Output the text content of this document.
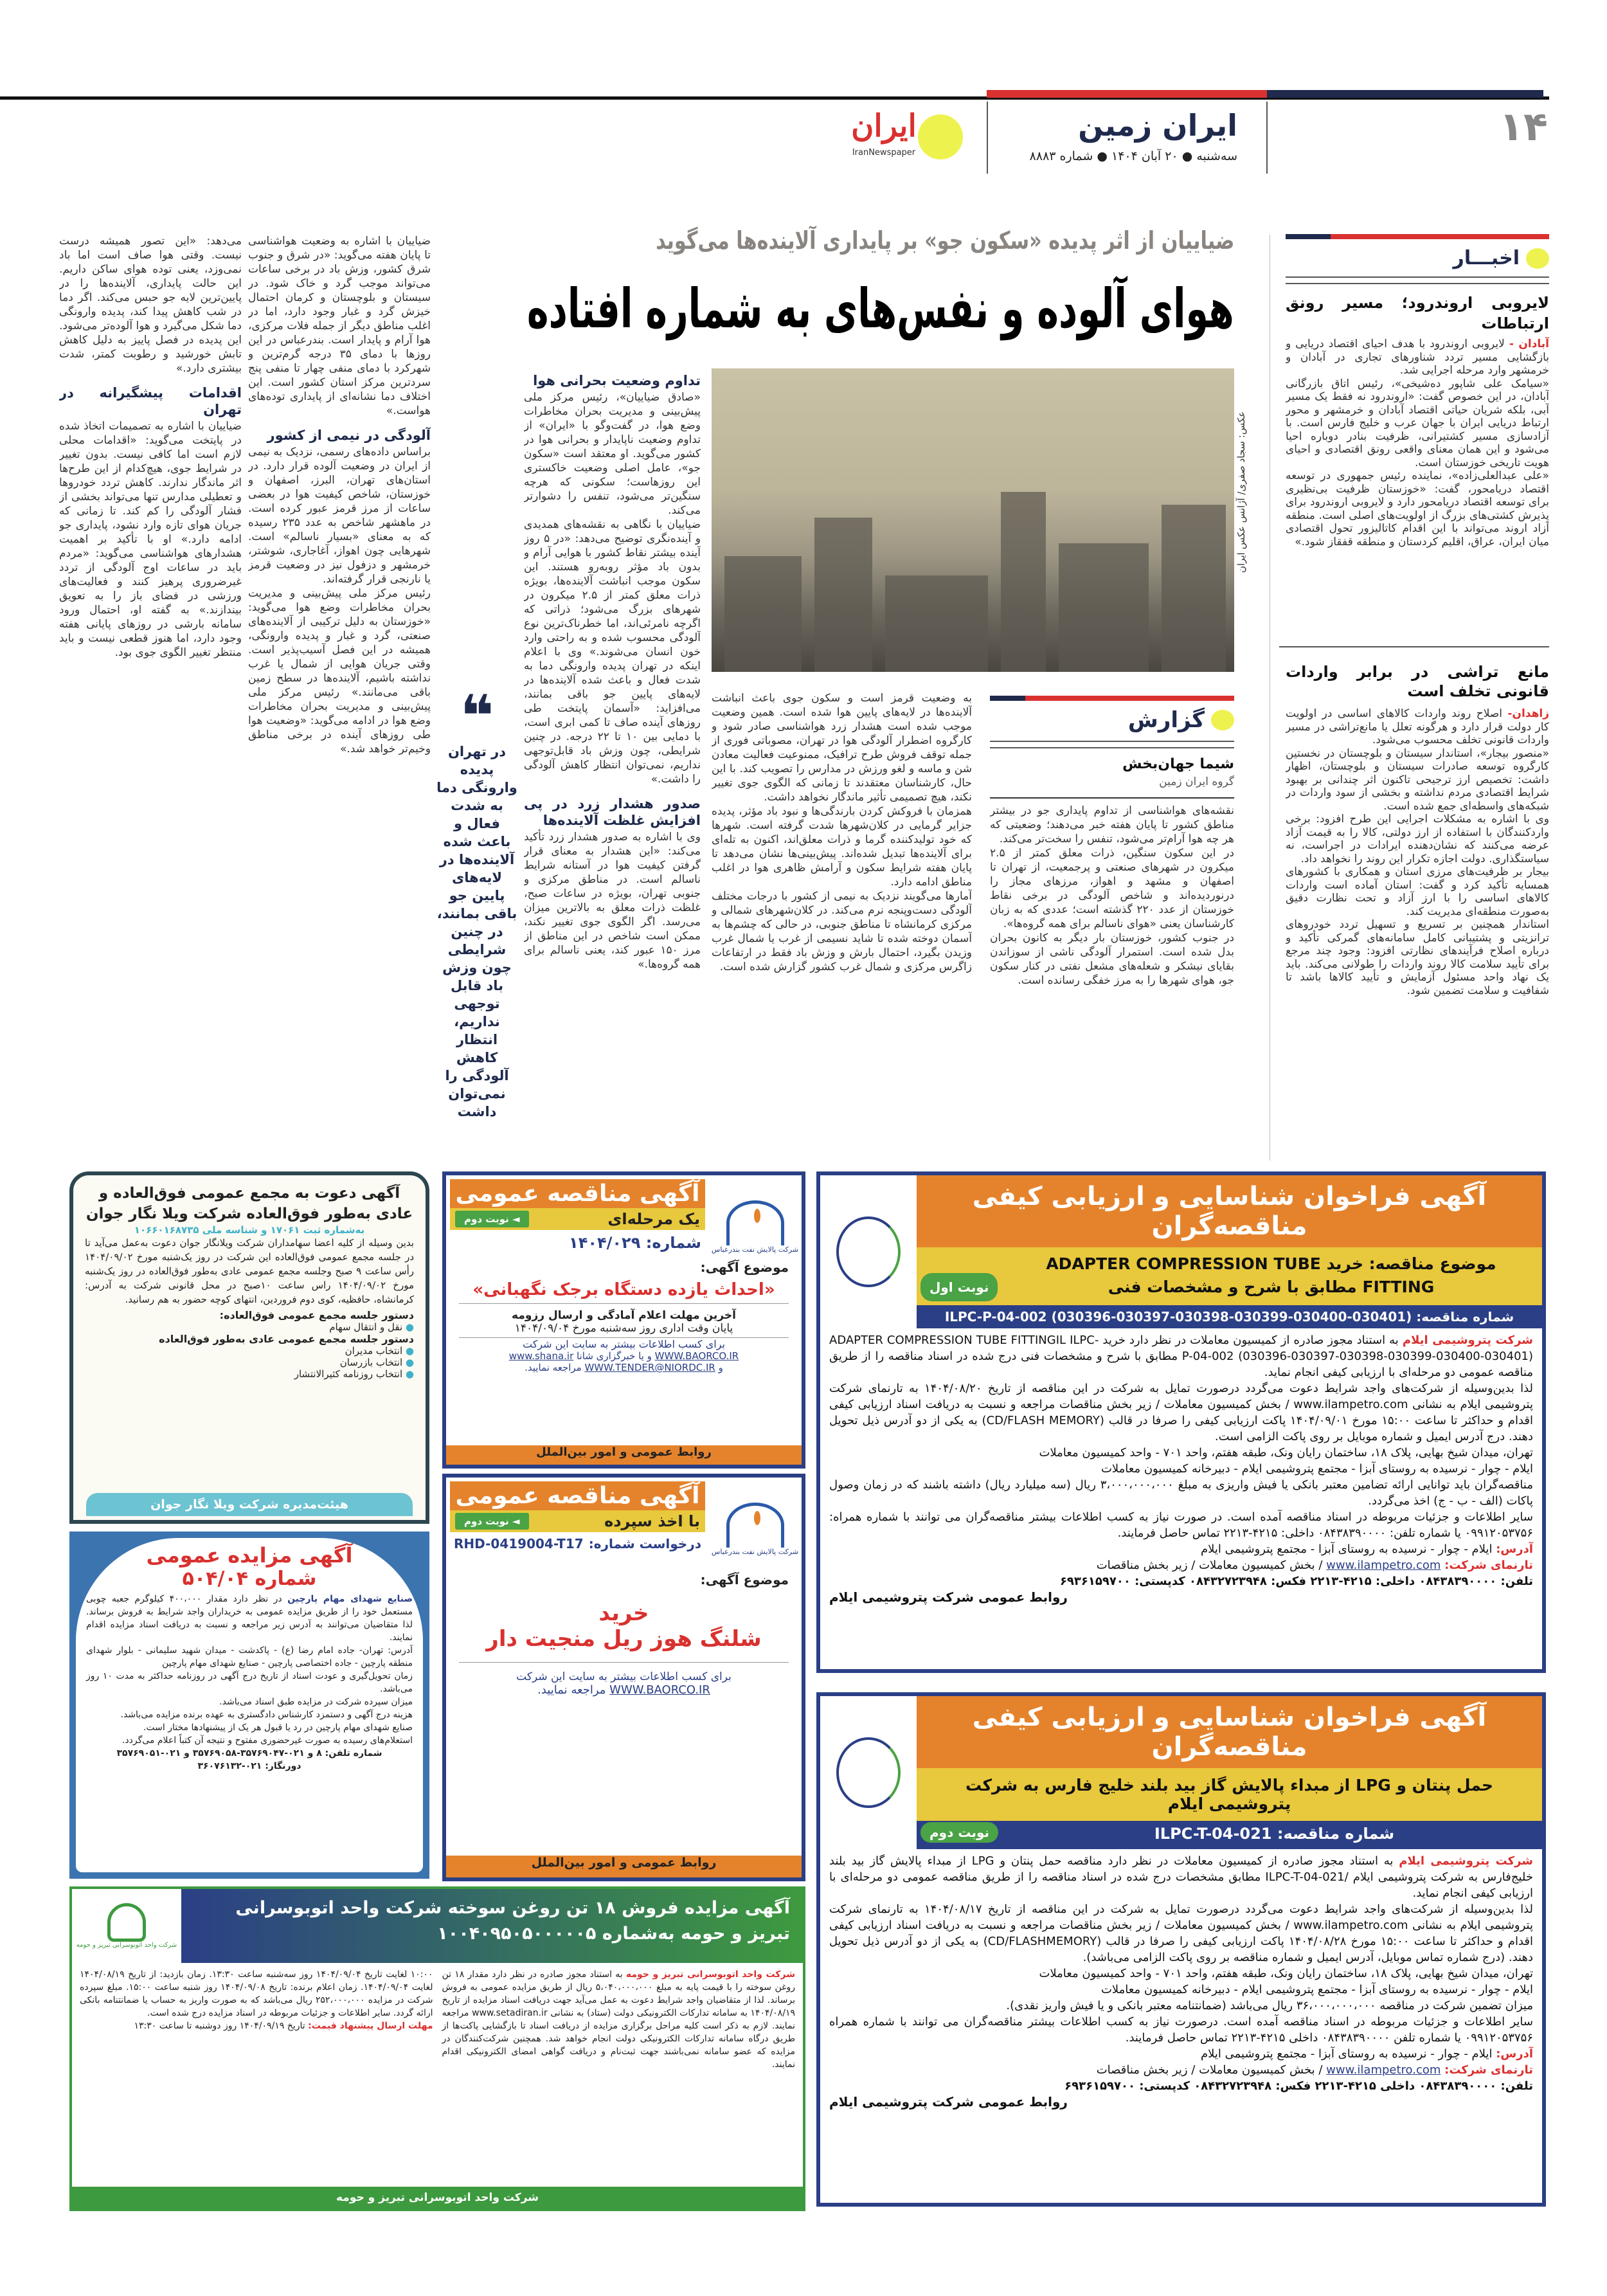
۱۴
ایران زمین
سه‌شنبه ● ۲۰ آبان ۱۴۰۴ ● شماره ۸۸۸۳
ایران
IranNewspaper
اخبـــار
لایروبی اروندرود؛ مسیر رونق ارتباطات

آبادان - لایروبی اروندرود با هدف احیای اقتصاد دریایی و بازگشایی مسیر تردد شناورهای تجاری در آبادان و خرمشهر وارد مرحله اجرایی شد.

«سیامک علی شاپور ده‌شیخی»، رئیس اتاق بازرگانی آبادان، در این خصوص گفت: «اروندرود نه فقط یک مسیر آبی، بلکه شریان حیاتی اقتصاد آبادان و خرمشهر و محور ارتباط دریایی ایران با جهان عرب و خلیج فارس است. با آزادسازی مسیر کشتیرانی، ظرفیت بنادر دوباره احیا می‌شود و این همان معنای واقعی رونق اقتصادی و احیای هویت تاریخی خوزستان است.

«علی عبدالعلی‌زاده»، نماینده رئیس جمهوری در توسعه اقتصاد دریامحور، گفت: «خوزستان ظرفیت بی‌نظیری برای توسعه اقتصاد دریامحور دارد و لایروبی اروندرود برای پذیرش کشتی‌های بزرگ از اولویت‌های اصلی است. منطقه آزاد اروند می‌تواند با این اقدام کاتالیزور تحول اقتصادی میان ایران، عراق، اقلیم کردستان و منطقه قفقاز شود.»

مانع تراشی در برابر واردات قانونی تخلف است

زاهدان- اصلاح روند واردات کالاهای اساسی در اولویت کار دولت قرار دارد و هرگونه تعلل یا مانع‌تراشی در مسیر واردات قانونی تخلف محسوب می‌شود.

«منصور بیجار»، استاندار سیستان و بلوچستان در نخستین کارگروه توسعه صادرات سیستان و بلوچستان، اظهار داشت: تخصیص ارز ترجیحی تاکنون اثر چندانی بر بهبود شرایط اقتصادی مردم نداشته و بخشی از سود واردات در شبکه‌های واسطه‌ای جمع شده است.

وی با اشاره به مشکلات اجرایی این طرح افزود: برخی واردکنندگان با استفاده از ارز دولتی، کالا را به قیمت آزاد عرضه می‌کنند که نشان‌دهنده ایرادات در اجراست، نه سیاستگذاری. دولت اجازه تکرار این روند را نخواهد داد.

بیجار بر ظرفیت‌های مرزی استان و همکاری با کشورهای همسایه تأکید کرد و گفت: استان آماده است واردات کالاهای اساسی را با ارز آزاد و تحت نظارت دقیق به‌صورت منطقه‌ای مدیریت کند.

استاندار همچنین بر تسریع و تسهیل تردد خودروهای ترانزیتی و پشتیبانی کامل سامانه‌های گمرکی تأکید و درباره اصلاح فرآیندهای نظارتی افزود: وجود چند مرجع برای تأیید سلامت کالا روند واردات را طولانی می‌کند. باید یک نهاد واحد مسئول آزمایش و تأیید کالاها باشد تا شفافیت و سلامت تضمین شود.

ضیاییان از اثر پدیده «سکون جو» بر پایداری آلاینده‌ها می‌گوید
هوای آلوده و نفس‌های به شماره افتاده
عکس: سجاد صفری/ آژانس عکس ایران
گزارش
شیما جهان‌بخش
گروه ایران زمین

نقشه‌های هواشناسی از تداوم پایداری جو در بیشتر مناطق کشور تا پایان هفته خبر می‌دهند؛ وضعیتی که هر چه هوا آرام‌تر می‌شود، تنفس را سخت‌تر می‌کند.

در این سکون سنگین، ذرات معلق کمتر از ۲.۵ میکرون در شهرهای صنعتی و پرجمعیت، از تهران تا اصفهان و مشهد و اهواز، مرزهای مجاز را درنوردیده‌اند و شاخص آلودگی در برخی نقاط خوزستان از عدد ۲۲۰ گذشته است؛ عددی که به زبان کارشناسان یعنی «هوای ناسالم برای همه گروه‌ها».

در جنوب کشور، خوزستان بار دیگر به کانون بحران بدل شده است. استمرار آلودگی ناشی از سوزاندن بقایای نیشکر و شعله‌های مشعل نفتی در کنار سکون جو، هوای شهرها را به مرز خفگی رسانده است.

به وضعیت قرمز است و سکون جوی باعث انباشت آلاینده‌ها در لایه‌های پایین هوا شده است. همین وضعیت موجب شده است هشدار زرد هواشناسی صادر شود و کارگروه اضطرار آلودگی هوا در تهران، مصوباتی فوری از جمله توقف فروش طرح ترافیک، ممنوعیت فعالیت معادن شن و ماسه و لغو ورزش در مدارس را تصویب کند. با این حال، کارشناسان معتقدند تا زمانی که الگوی جوی تغییر نکند، هیچ تصمیمی تأثیر ماندگار نخواهد داشت.

همزمان با فروکش کردن بارندگی‌ها و نبود باد مؤثر، پدیده جزایر گرمایی در کلان‌شهرها شدت گرفته است. شهرها که خود تولیدکننده گرما و ذرات معلق‌اند، اکنون به تله‌ای برای آلاینده‌ها تبدیل شده‌اند. پیش‌بینی‌ها نشان می‌دهد تا پایان هفته شرایط سکون و آرامش ظاهری هوا در اغلب مناطق ادامه دارد.

آمارها می‌گویند نزدیک به نیمی از کشور با درجات مختلف آلودگی دست‌وپنجه نرم می‌کند. در کلان‌شهرهای شمالی و مرکزی کرمانشاه تا مناطق جنوبی، در حالی که چشم‌ها به آسمان دوخته شده تا شاید نسیمی از غرب یا شمال غرب وزیدن بگیرد، احتمال بارش و وزش باد فقط در ارتفاعات زاگرس مرکزی و شمال غرب کشور گزارش شده است.

تداوم وضعیت بحرانی هوا

«صادق ضیاییان»، رئیس مرکز ملی پیش‌بینی و مدیریت بحران مخاطرات وضع هوا، در گفت‌وگو با «ایران» از تداوم وضعیت ناپایدار و بحرانی هوا در کشور می‌گوید. او معتقد است «سکون جو»، عامل اصلی وضعیت خاکستری این روزهاست؛ سکونی که هرچه سنگین‌تر می‌شود، تنفس را دشوارتر می‌کند.

ضیاییان با نگاهی به نقشه‌های همدیدی و آینده‌نگری توضیح می‌دهد: «در ۵ روز آینده بیشتر نقاط کشور با هوایی آرام و بدون باد مؤثر روبه‌رو هستند. این سکون موجب انباشت آلاینده‌ها، بویژه ذرات معلق کمتر از ۲.۵ میکرون در شهرهای بزرگ می‌شود؛ ذراتی که اگرچه نامرئی‌اند، اما خطرناک‌ترین نوع آلودگی محسوب شده و به راحتی وارد خون انسان می‌شوند.» وی با اعلام اینکه در تهران پدیده وارونگی دما به شدت فعال و باعث شده آلاینده‌ها در لایه‌های پایین جو باقی بمانند، می‌افزاید: «آسمان پایتخت طی روزهای آینده صاف تا کمی ابری است، با دمایی بین ۱۰ تا ۲۲ درجه. در چنین شرایطی، چون وزش باد قابل‌توجهی نداریم، نمی‌توان انتظار کاهش آلودگی را داشت.»

صدور هشدار زرد در پی افزایش غلظت آلاینده‌ها

وی با اشاره به صدور هشدار زرد تأکید می‌کند: «این هشدار به معنای قرار گرفتن کیفیت هوا در آستانه شرایط ناسالم است. در مناطق مرکزی و جنوبی تهران، بویژه در ساعات صبح، غلظت ذرات معلق به بالاترین میزان می‌رسد. اگر الگوی جوی تغییر نکند، ممکن است شاخص در این مناطق از مرز ۱۵۰ عبور کند، یعنی ناسالم برای همه گروه‌ها.»

❝
در تهران پدیده وارونگی دما به شدت فعال و باعث شده آلاینده‌ها در لایه‌های پایین جو باقی بمانند، در چنین شرایطی چون وزش باد قابل توجهی نداریم، انتظار کاهش آلودگی را نمی‌توان داشت

ضیاییان با اشاره به وضعیت هواشناسی تا پایان هفته می‌گوید: «در شرق و جنوب شرق کشور، وزش باد در برخی ساعات می‌تواند موجب گرد و خاک شود. در سیستان و بلوچستان و کرمان احتمال خیزش گرد و غبار وجود دارد، اما در اغلب مناطق دیگر از جمله فلات مرکزی، هوا آرام و پایدار است. بندرعباس در این روزها با دمای ۳۵ درجه گرم‌ترین و شهرکرد با دمای منفی چهار تا منفی پنج سردترین مرکز استان کشور است. این اختلاف دما نشانه‌ای از پایداری توده‌های هواست.»

آلودگی در نیمی از کشور

براساس داده‌های رسمی، نزدیک به نیمی از ایران در وضعیت آلوده قرار دارد. در استان‌های تهران، البرز، اصفهان و خوزستان، شاخص کیفیت هوا در بعضی ساعات از مرز قرمز عبور کرده است. در ماهشهر شاخص به عدد ۲۳۵ رسیده که به معنای «بسیار ناسالم» است. شهرهایی چون اهواز، آغاجاری، شوشتر، خرمشهر و دزفول نیز در وضعیت قرمز یا نارنجی قرار گرفته‌اند.

رئیس مرکز ملی پیش‌بینی و مدیریت بحران مخاطرات وضع هوا می‌گوید: «خوزستان به دلیل ترکیبی از آلاینده‌های صنعتی، گرد و غبار و پدیده وارونگی، همیشه در این فصل آسیب‌پذیر است. وقتی جریان هوایی از شمال یا غرب نداشته باشیم، آلاینده‌ها در سطح زمین باقی می‌مانند.» رئیس مرکز ملی پیش‌بینی و مدیریت بحران مخاطرات وضع هوا در ادامه می‌گوید: «وضعیت هوا طی روزهای آینده در برخی مناطق وخیم‌تر خواهد شد.»

می‌دهد: «این تصور همیشه درست نیست. وقتی هوا صاف است اما باد نمی‌وزد، یعنی توده هوای ساکن داریم. این حالت پایداری، آلاینده‌ها را در پایین‌ترین لایه جو حبس می‌کند. اگر دما در شب کاهش پیدا کند، پدیده وارونگی دما شکل می‌گیرد و هوا آلوده‌تر می‌شود. این پدیده در فصل پاییز به دلیل کاهش تابش خورشید و رطوبت کمتر، شدت بیشتری دارد.»

اقدامات پیشگیرانه در تهران

ضیاییان با اشاره به تصمیمات اتخاذ شده در پایتخت می‌گوید: «اقدامات محلی لازم است اما کافی نیست. بدون تغییر در شرایط جوی، هیچ‌کدام از این طرح‌ها اثر ماندگار ندارند. کاهش تردد خودروها و تعطیلی مدارس تنها می‌تواند بخشی از فشار آلودگی را کم کند. تا زمانی که جریان هوای تازه وارد نشود، پایداری جو ادامه دارد.» او با تأکید بر اهمیت هشدارهای هواشناسی می‌گوید: «مردم باید در ساعات اوج آلودگی از تردد غیرضروری پرهیز کنند و فعالیت‌های ورزشی در فضای باز را به تعویق بیندازند.» به گفته او، احتمال ورود سامانه بارشی در روزهای پایانی هفته وجود دارد، اما هنوز قطعی نیست و باید منتظر تغییر الگوی جوی بود.

آگهی فراخوان شناسایی و ارزیابی کیفی مناقصه‌گران
موضوع مناقصه: خرید ADAPTER COMPRESSION TUBE FITTING مطابق با شرح و مشخصات فنی
نوبت اول
شماره مناقصه: ILPC-P-04-002 (030396-030397-030398-030399-030400-030401)

شرکت پتروشیمی ایلام به استناد مجوز صادره از کمیسیون معاملات در نظر دارد خرید ADAPTER COMPRESSION TUBE FITTINGIL ILPC-P-04-002 (030396-030397-030398-030399-030400-030401) مطابق با شرح و مشخصات فنی درج شده در اسناد مناقصه را از طریق مناقصه عمومی دو مرحله‌ای با ارزیابی کیفی انجام نماید.

لذا بدین‌وسیله از شرکت‌های واجد شرایط دعوت می‌گردد درصورت تمایل به شرکت در این مناقصه از تاریخ ۱۴۰۴/۰۸/۲۰ به تارنمای شرکت پتروشیمی ایلام به نشانی www.ilampetro.com / بخش کمیسیون معاملات / زیر بخش مناقصات مراجعه و نسبت به دریافت اسناد ارزیابی کیفی اقدام و حداکثر تا ساعت ۱۵:۰۰ مورخ ۱۴۰۴/۰۹/۰۱ پاکت ارزیابی کیفی را صرفا در قالب (CD/FLASH MEMORY) به یکی از دو آدرس ذیل تحویل دهند. درج آدرس ایمیل و شماره موبایل بر روی پاکت الزامی است.

تهران، میدان شیخ بهایی، پلاک ۱۸، ساختمان رایان ونک، طبقه هفتم، واحد ۷۰۱ - واحد کمیسیون معاملات

ایلام - چوار - نرسیده به روستای آبزا - مجتمع پتروشیمی ایلام - دبیرخانه کمیسیون معاملات

مناقصه‌گران باید توانایی ارائه تضامین معتبر بانکی یا فیش واریزی به مبلغ ۳،۰۰۰،۰۰۰،۰۰۰ ریال (سه میلیارد ریال) داشته باشند که در زمان وصول پاکات (الف - ب - ج) اخذ می‌گردد.

سایر اطلاعات و جزئیات مربوطه در اسناد مناقصه آمده است. در صورت نیاز به کسب اطلاعات بیشتر مناقصه‌گران می توانند با شماره همراه: ۰۹۹۱۲۰۵۳۷۵۶ یا شماره تلفن: ۰۸۴۳۸۳۹۰۰۰۰ داخلی: ۴۲۱۵-۲۲۱۳ تماس حاصل فرمایند.

آدرس: ایلام - چوار - نرسیده به روستای آبزا - مجتمع پتروشیمی ایلام

تارنمای شرکت: www.ilampetro.com / بخش کمیسیون معاملات / زیر بخش مناقصات

تلفن: ۰۸۴۳۸۳۹۰۰۰۰ داخلی: ۴۲۱۵-۲۲۱۳ فکس: ۰۸۴۳۲۷۲۳۹۴۸ کدپستی: ۶۹۳۶۱۵۹۷۰۰

روابط عمومی شرکت پتروشیمی ایلام

آگهی فراخوان شناسایی و ارزیابی کیفی مناقصه‌گران
حمل پنتان و LPG از مبداء پالایش گاز بید بلند خلیج فارس به شرکت پتروشیمی ایلام
شماره مناقصه: ILPC-T-04-021
نوبت دوم

شرکت پتروشیمی ایلام به استناد مجوز صادره از کمیسیون معاملات در نظر دارد مناقصه حمل پنتان و LPG از مبداء پالایش گاز بید بلند خلیج‌فارس به شرکت پتروشیمی ایلام /ILPC-T-04-021 مطابق مشخصات درج شده در اسناد مناقصه را از طریق مناقصه عمومی دو مرحله‌ای با ارزیابی کیفی انجام نماید.

لذا بدین‌وسیله از شرکت‌های واجد شرایط دعوت می‌گردد درصورت تمایل به شرکت در این مناقصه از تاریخ ۱۴۰۴/۰۸/۱۷ به تارنمای شرکت پتروشیمی ایلام به نشانی www.ilampetro.com / بخش کمیسیون معاملات / زیر بخش مناقصات مراجعه و نسبت به دریافت اسناد ارزیابی کیفی اقدام و حداکثر تا ساعت ۱۵:۰۰ مورخ ۱۴۰۴/۰۸/۲۸ پاکت ارزیابی کیفی را صرفا در قالب (CD/FLASHMEMORY) به یکی از دو آدرس ذیل تحویل دهند. (درج شماره تماس موبایل، آدرس ایمیل و شماره مناقصه بر روی پاکت الزامی می‌باشد).

تهران، میدان شیخ بهایی، پلاک ۱۸، ساختمان رایان ونک، طبقه هفتم، واحد ۷۰۱ - واحد کمیسیون معاملات

ایلام - چوار - نرسیده به روستای آبزا - مجتمع پتروشیمی ایلام - دبیرخانه کمیسیون معاملات

میزان تضمین شرکت در مناقصه ۳۶،۰۰۰،۰۰۰،۰۰۰ ریال می‌باشد (ضمانتنامه معتبر بانکی و یا فیش واریز نقدی).

سایر اطلاعات و جزئیات مربوطه در اسناد مناقصه آمده است. درصورت نیاز به کسب اطلاعات بیشتر مناقصه‌گران می توانند با شماره همراه ۰۹۹۱۲۰۵۳۷۵۶ یا شماره تلفن ۰۸۴۳۸۳۹۰۰۰۰ داخلی ۴۲۱۵-۲۲۱۳ تماس حاصل فرمایند.

آدرس: ایلام - چوار - نرسیده به روستای آبزا - مجتمع پتروشیمی ایلام

تارنمای شرکت: www.ilampetro.com / بخش کمیسیون معاملات / زیر بخش مناقصات

تلفن: ۰۸۴۳۸۳۹۰۰۰۰ داخلی ۴۲۱۵-۲۲۱۳ فکس: ۰۸۴۳۲۷۲۳۹۴۸ کدپستی: ۶۹۳۶۱۵۹۷۰۰

روابط عمومی شرکت پتروشیمی ایلام

شرکت پالایش نفت بندرعباس
آگهی مناقصه عمومی
یک مرحله‌ای
◄ نوبت دوم
شماره: ۱۴۰۴/۰۲۹
موضوع آگهی:
«احداث یازده دستگاه برجک نگهبانی»
آخرین مهلت اعلام آمادگی و ارسال رزومه
پایان وقت اداری روز سه‌شنبه مورخ ۱۴۰۴/۰۹/۰۴
برای کسب اطلاعات بیشتر به سایت این شرکت
WWW.BAORCO.IR و یا خبرگزاری شانا www.shana.ir
و WWW.TENDER@NIORDC.IR مراجعه نمایید.
روابط عمومی و امور بین‌الملل
شرکت پالایش نفت بندرعباس
آگهی مناقصه عمومی
با اخذ سپرده
◄ نوبت دوم
درخواست شماره:
RHD-0419004-T17
موضوع آگهی:
خرید
شلنگ هوز ریل منجیت دار
برای کسب اطلاعات بیشتر به سایت این شرکت
WWW.BAORCO.IR مراجعه نمایید.
روابط عمومی و امور بین‌الملل
آگهی دعوت به مجمع عمومی فوق‌العاده و عادی به‌طور فوق‌العاده شرکت ویلا نگار جوان
به‌شماره ثبت ۱۷۰۶۱ و شناسه ملی ۱۰۶۶۰۱۶۸۷۳۵
بدین وسیله از کلیه اعضا سهامداران شرکت ویلانگار جوان دعوت به‌عمل می‌آید تا در جلسه مجمع عمومی فوق‌العاده این شرکت در روز یک‌شنبه مورخ ۱۴۰۴/۰۹/۰۲ رأس ساعت ۹ صبح وجلسه مجمع عمومی عادی به‌طور فوق‌العاده در روز یک‌شنبه مورخ ۱۴۰۴/۰۹/۰۲ راس ساعت ۱۰صبح در محل قانونی شرکت به آدرس: کرمانشاه، حافظیه، کوی دوم فروردین، انتهای کوچه حضور به هم رسانید.
دستور جلسه مجمع عمومی فوق‌العاده:
● نقل و انتقال سهام
دستور جلسه مجمع عمومی عادی به‌طور فوق‌العاده
● انتخاب مدیران
● انتخاب بازرسان
● انتخاب روزنامه کثیرالانتشار
هیئت‌مدیره شرکت ویلا نگار جوان
آگهی مزایده عمومی
شماره ۵۰۴/۰۴

صنایع شهدای مهام پارچین در نظر دارد مقدار ۴۰۰،۰۰۰ کیلوگرم جعبه چوبی مستعمل خود را از طریق مزایده عمومی به خریداران واجد شرایط به فروش برساند. لذا متقاضیان می‌توانند به آدرس زیر مراجعه و نسبت به دریافت اسناد مزایده اقدام نمایند.

آدرس: تهران- جاده امام رضا (ع) - پاکدشت - میدان شهید سلیمانی - بلوار شهدای منطقه پارچین - جاده اختصاصی پارچین - صنایع شهدای مهام پارچین

زمان تحویل‌گیری و عودت اسناد از تاریخ درج آگهی در روزنامه حداکثر به مدت ۱۰ روز می‌باشد.

میزان سپرده شرکت در مزایده طبق اسناد می‌باشد.

هزینه درج آگهی و دستمزد کارشناس دادگستری به عهده برنده مزایده می‌باشد.

صنایع شهدای مهام پارچین در رد یا قبول هر یک از پیشنهادها مختار است.

استعلام‌های رسیده به صورت غیرحضوری مفتوح و نتیجه آن کتباً اعلام می‌گردد.

شماره تلفن: ۸ و ۰۲۱-۳۵۷۶۹۰۴۷-۳۵۷۶۹۰۵۸ و ۰۲۱-۳۵۷۶۹۰۵۱

دورنگار: ۰۲۱-۳۶۰۷۶۱۳۲

آگهی مزایده فروش ۱۸ تن روغن سوخته شرکت واحد اتوبوسرانی تبریز و حومه به‌شماره ۱۰۰۴۰۹۵۰۵۰۰۰۰۰۵
شرکت واحد اتوبوسرانی تبریز و حومه
شرکت واحد اتوبوسرانی تبریز و حومه به استناد مجوز صادره در نظر دارد مقدار ۱۸ تن روغن سوخته را با قیمت پایه به مبلغ ۵،۰۴۰،۰۰۰،۰۰۰ ریال از طریق مزایده عمومی به فروش برساند. لذا از متقاضیان واجد شرایط دعوت به عمل می‌آید جهت دریافت اسناد مزایده از تاریخ ۱۴۰۴/۰۸/۱۹ به سامانه تدارکات الکترونیکی دولت (ستاد) به نشانی www.setadiran.ir مراجعه نمایند. لازم به ذکر است کلیه مراحل برگزاری مزایده از دریافت اسناد تا بازگشایی پاکت‌ها از طریق درگاه سامانه تدارکات الکترونیکی دولت انجام خواهد شد. همچنین شرکت‌کنندگان در مزایده که عضو سامانه نمی‌باشند جهت ثبت‌نام و دریافت گواهی امضای الکترونیکی اقدام نمایند.
۱۰:۰۰ لغایت تاریخ ۱۴۰۴/۰۹/۰۴ روز سه‌شنبه ساعت ۱۳:۳۰. زمان بازدید: از تاریخ ۱۴۰۴/۰۸/۱۹ لغایت ۱۴۰۴/۰۹/۰۴. زمان اعلام برنده: تاریخ ۱۴۰۴/۰۹/۰۸ روز شنبه ساعت ۱۵:۰۰. مبلغ سپرده شرکت در مزایده ۲۵۲،۰۰۰،۰۰۰ ریال می‌باشد که به صورت واریز به حساب یا ضمانتنامه بانکی ارائه گردد. سایر اطلاعات و جزئیات مربوطه در اسناد مزایده درج شده است.
مهلت ارسال پیشنهاد قیمت: تاریخ ۱۴۰۴/۰۹/۱۹ روز دوشنبه تا ساعت ۱۳:۳۰
شرکت واحد اتوبوسرانی تبریز و حومه
